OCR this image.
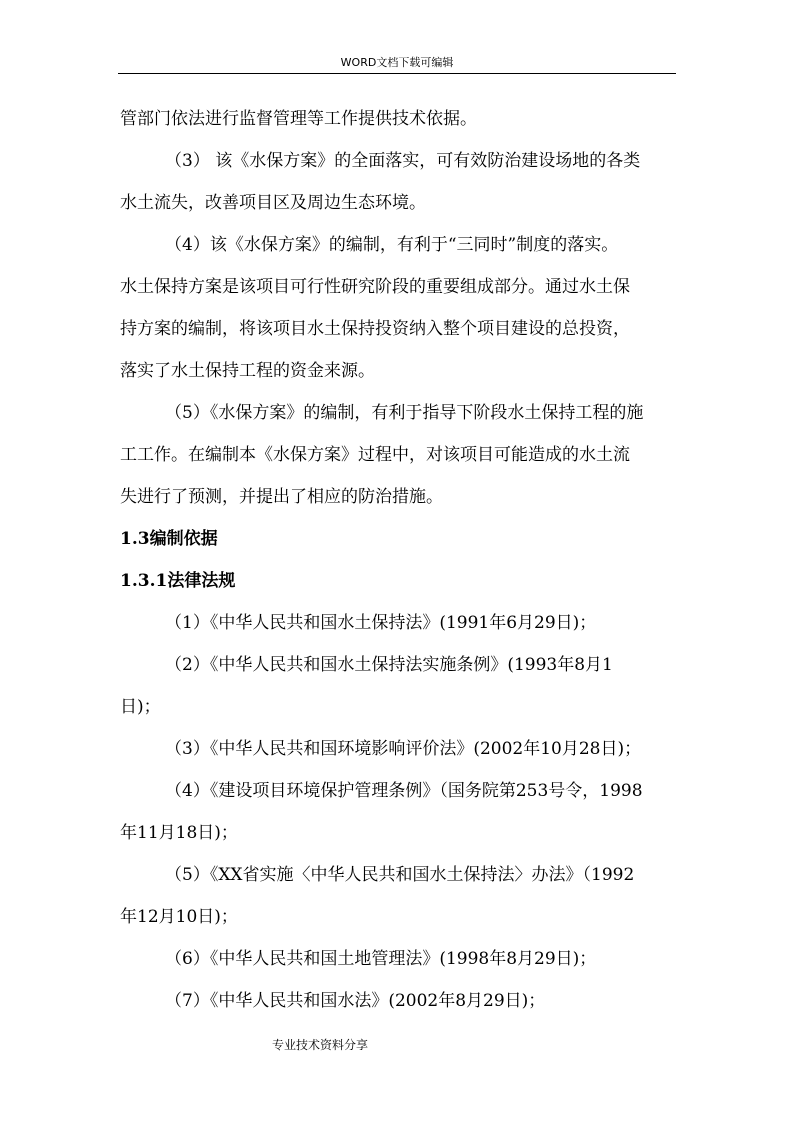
WORD文档下载可编辑
管部门依法进行监督管理等工作提供技术依据。
（3） 该《水保方案》的全面落实，可有效防治建设场地的各类
水土流失，改善项目区及周边生态环境。
（4）该《水保方案》的编制，有利于“三同时”制度的落实。
水土保持方案是该项目可行性研究阶段的重要组成部分。通过水土保
持方案的编制，将该项目水土保持投资纳入整个项目建设的总投资，
落实了水土保持工程的资金来源。
（5）《水保方案》的编制，有利于指导下阶段水土保持工程的施
工工作。在编制本《水保方案》过程中，对该项目可能造成的水土流
失进行了预测，并提出了相应的防治措施。
1.3编制依据
1.3.1法律法规
（1）《中华人民共和国水土保持法》(1991年6月29日)；
（2）《中华人民共和国水土保持法实施条例》(1993年8月1
日)；
（3）《中华人民共和国环境影响评价法》(2002年10月28日)；
（4）《建设项目环境保护管理条例》（国务院第253号令，1998
年11月18日)；
（5）《XX省实施〈中华人民共和国水土保持法〉办法》（1992
年12月10日)；
（6）《中华人民共和国土地管理法》(1998年8月29日)；
（7）《中华人民共和国水法》(2002年8月29日)；
专业技术资料分享
